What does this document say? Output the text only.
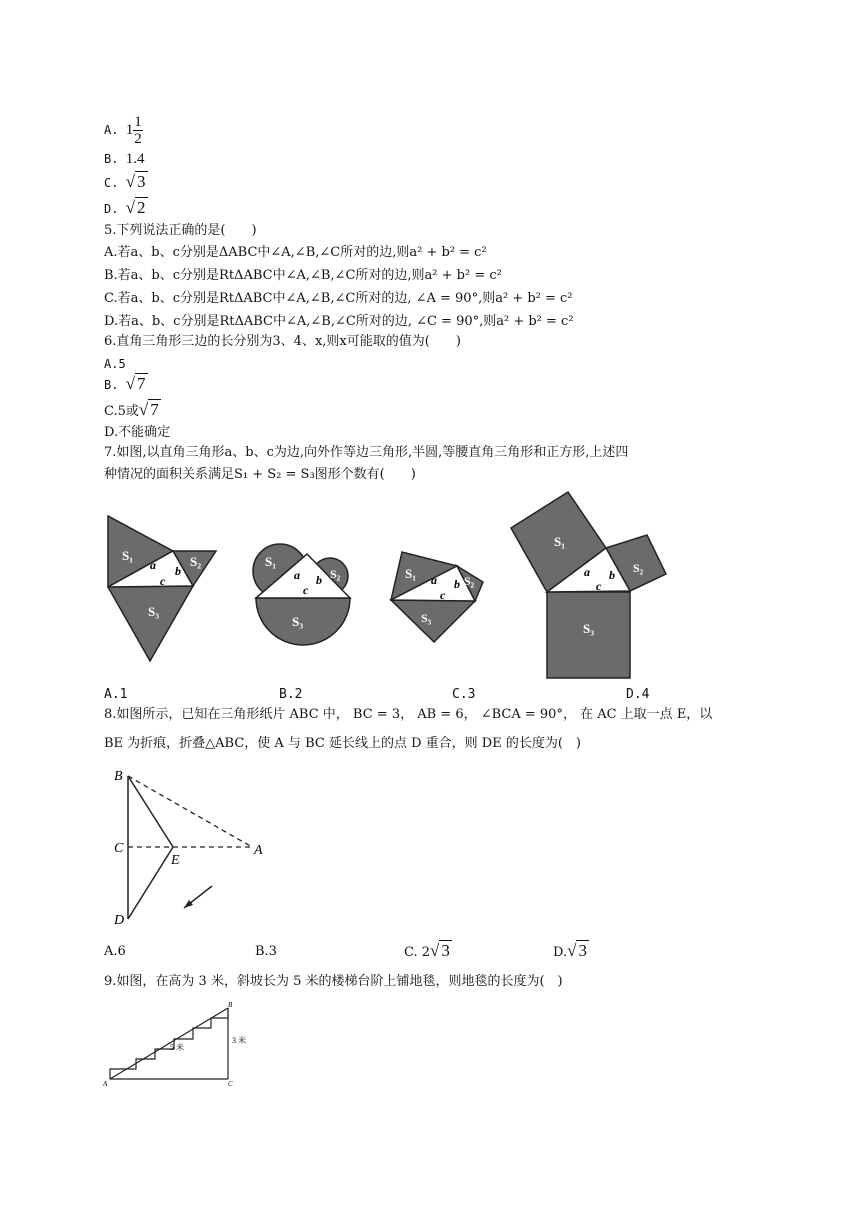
A. $1 \frac{1}{2}$
B. 1.4
C. √ 3
D. √ 2
5.下列说法正确的是(　　)
A.若a、b、c分别是ΔABC中∠A,∠B,∠C所对的边,则a² + b² = c²
B.若a、b、c分别是RtΔABC中∠A,∠B,∠C所对的边,则a² + b² = c²
C.若a、b、c分别是RtΔABC中∠A,∠B,∠C所对的边, ∠A = 90°,则a² + b² = c²
D.若a、b、c分别是RtΔABC中∠A,∠B,∠C所对的边, ∠C = 90°,则a² + b² = c²
6.直角三角形三边的长分别为3、4、x,则x可能取的值为(　　)
A.5
B. √ 7
C.5或√ 7
D.不能确定
7.如图,以直角三角形a、b、c为边,向外作等边三角形,半圆,等腰直角三角形和正方形,上述四
种情况的面积关系满足S₁ + S₂ = S₃图形个数有(　　)
S₁	S₂
S₃
a b
c
S₁
S₂
S₃
a b
c
S₁	S₂
S₃
a b
c
S₁
S₂
S₃
a b
c
A.1	B.2	C.3	D.4
8.如图所示，已知在三角形纸片 ABC 中， BC = 3， AB = 6， ∠BCA = 90°， 在 AC 上取一点 E，以
BE 为折痕，折叠△ABC，使 A 与 BC 延长线上的点 D 重合，则 DE 的长度为(　)
B
C
E
A
D
A.6	B.3	C. 2√ 3	D.√ 3
9.如图，在高为 3 米，斜坡长为 5 米的楼梯台阶上铺地毯，则地毯的长度为(　)
B
A	C
3 米
5 米
